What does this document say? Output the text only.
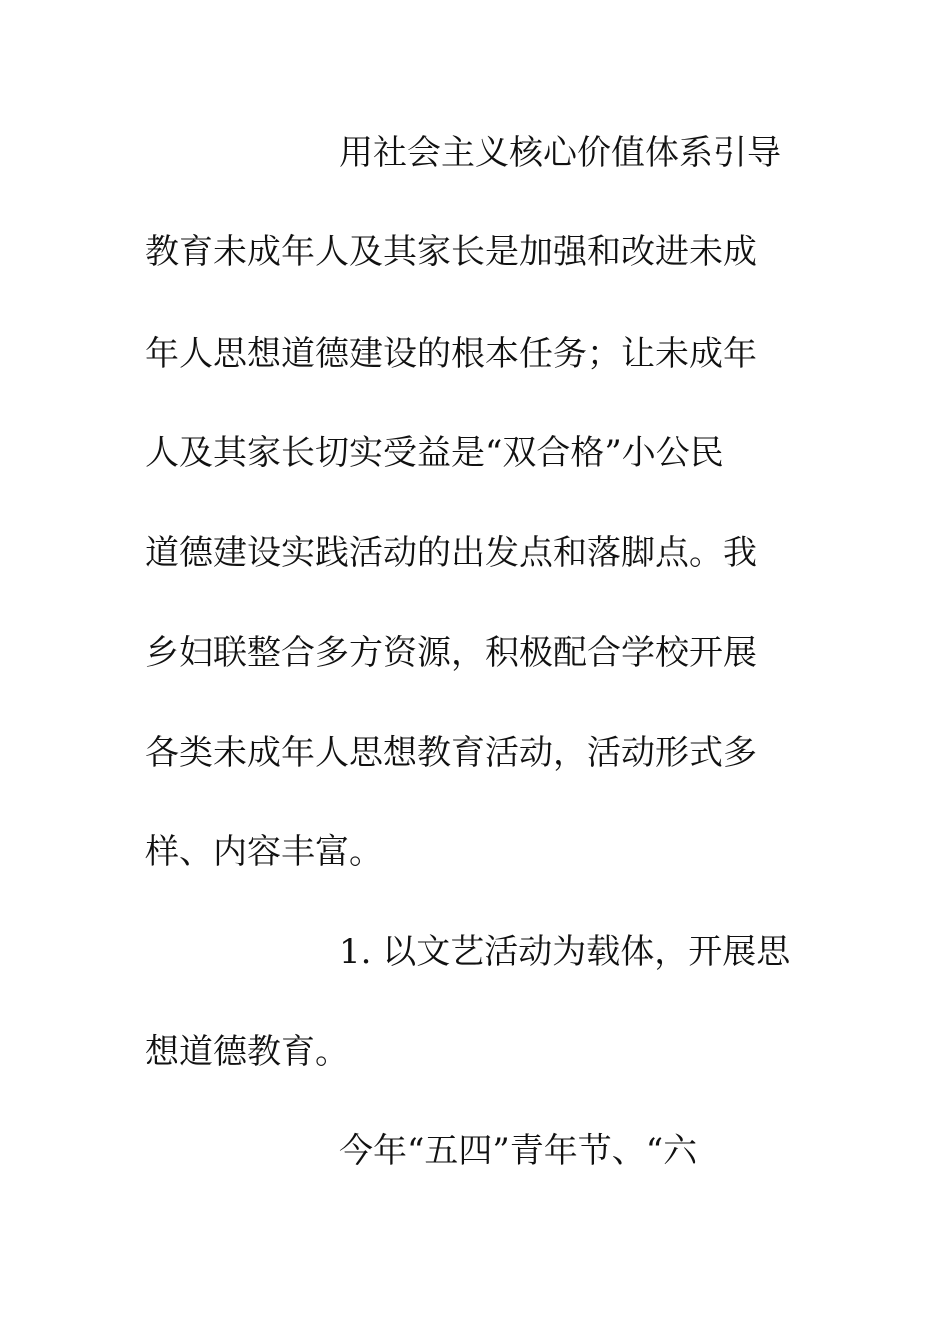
用社会主义核心价值体系引导
教育未成年人及其家长是加强和改进未成
年人思想道德建设的根本任务；让未成年
人及其家长切实受益是“双合格”小公民
道德建设实践活动的出发点和落脚点。我
乡妇联整合多方资源，积极配合学校开展
各类未成年人思想教育活动，活动形式多
样、内容丰富。
1. 以文艺活动为载体，开展思
想道德教育。
今年“五四”青年节、“六
